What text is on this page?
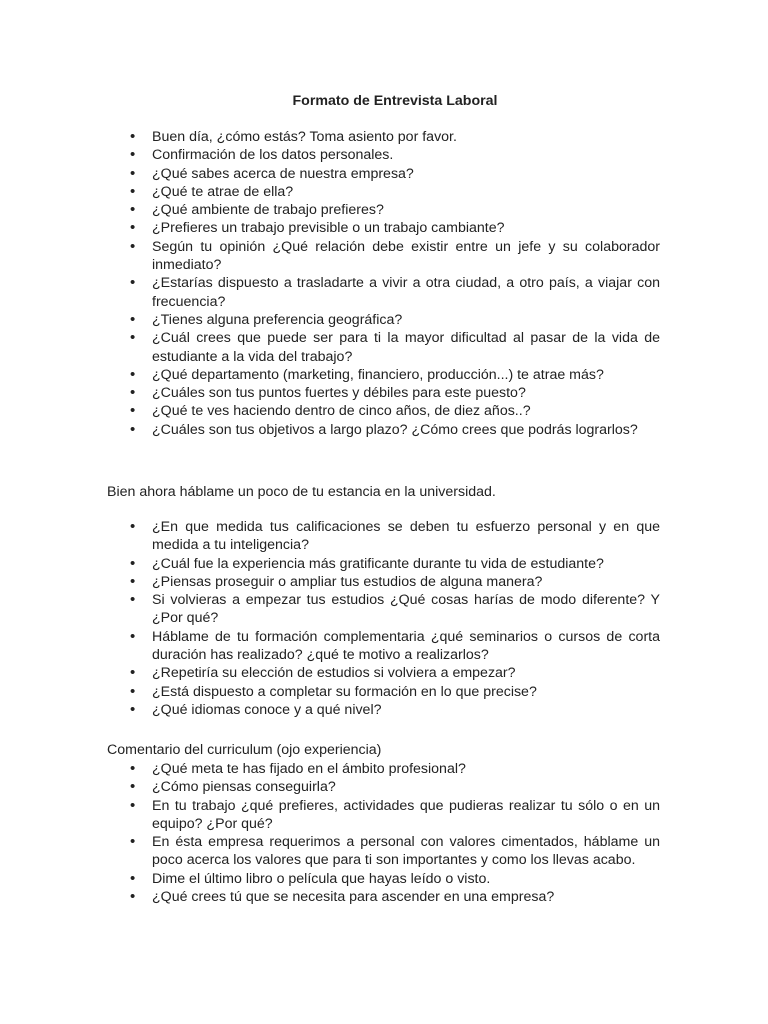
Formato de Entrevista Laboral
• Buen día, ¿cómo estás? Toma asiento por favor.
• Confirmación de los datos personales.
• ¿Qué sabes acerca de nuestra empresa?
• ¿Qué te atrae de ella?
• ¿Qué ambiente de trabajo prefieres?
• ¿Prefieres un trabajo previsible o un trabajo cambiante?
• Según tu opinión ¿Qué relación debe existir entre un jefe y su colaborador inmediato?
• ¿Estarías dispuesto a trasladarte a vivir a otra ciudad, a otro país, a viajar con frecuencia?
• ¿Tienes alguna preferencia geográfica?
• ¿Cuál crees que puede ser para ti la mayor dificultad al pasar de la vida de estudiante a la vida del trabajo?
• ¿Qué departamento (marketing, financiero, producción...) te atrae más?
• ¿Cuáles son tus puntos fuertes y débiles para este puesto?
• ¿Qué te ves haciendo dentro de cinco años, de diez años..?
• ¿Cuáles son tus objetivos a largo plazo? ¿Cómo crees que podrás lograrlos?

Bien ahora háblame un poco de tu estancia en la universidad.

• ¿En que medida tus calificaciones se deben tu esfuerzo personal y en que medida a tu inteligencia?
• ¿Cuál fue la experiencia más gratificante durante tu vida de estudiante?
• ¿Piensas proseguir o ampliar tus estudios de alguna manera?
• Si volvieras a empezar tus estudios ¿Qué cosas harías de modo diferente? Y ¿Por qué?
• Háblame de tu formación complementaria ¿qué seminarios o cursos de corta duración has realizado? ¿qué te motivo a realizarlos?
• ¿Repetiría su elección de estudios si volviera a empezar?
• ¿Está dispuesto a completar su formación en lo que precise?
• ¿Qué idiomas conoce y a qué nivel?

Comentario del curriculum (ojo experiencia)

• ¿Qué meta te has fijado en el ámbito profesional?
• ¿Cómo piensas conseguirla?
• En tu trabajo ¿qué prefieres, actividades que pudieras realizar tu sólo o en un equipo? ¿Por qué?
• En ésta empresa requerimos a personal con valores cimentados, háblame un poco acerca los valores que para ti son importantes y como los llevas acabo.
• Dime el último libro o película que hayas leído o visto.
• ¿Qué crees tú que se necesita para ascender en una empresa?
